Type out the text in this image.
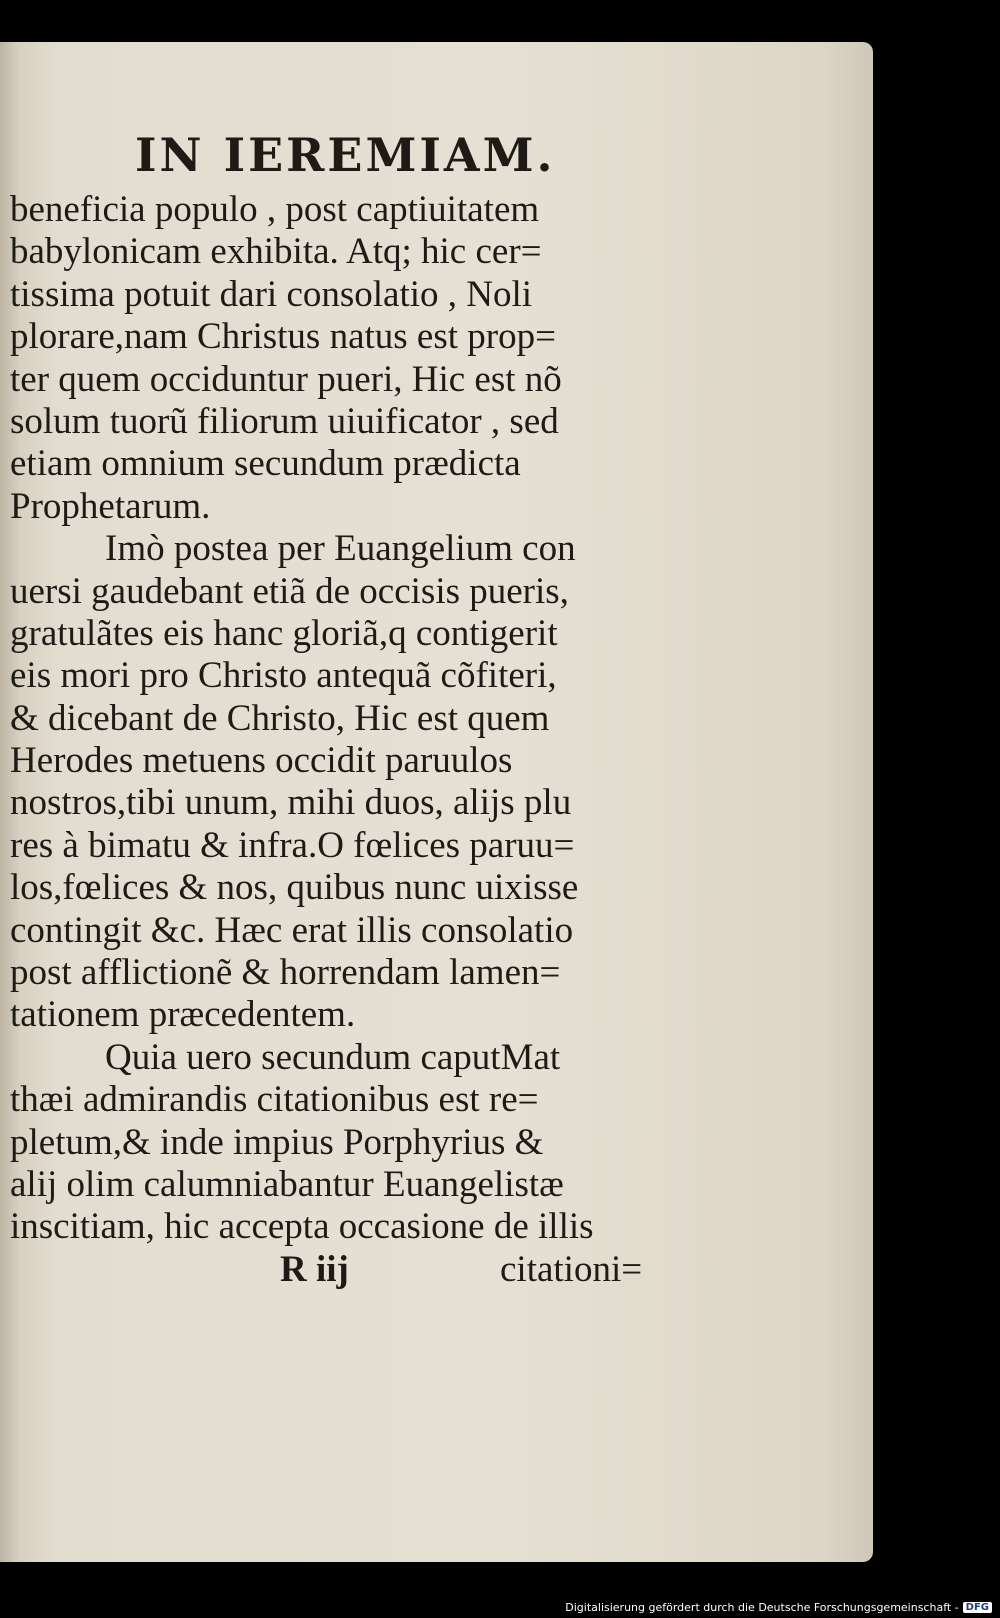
IN IEREMIAM.
beneficia populo , post captiuitatem
babylonicam exhibita. Atq; hic cer=
tissima potuit dari consolatio , Noli
plorare,nam Christus natus est prop=
ter quem occiduntur pueri, Hic est nõ
solum tuorũ filiorum uiuificator , sed
etiam omnium secundum prædicta
Prophetarum.
Imò postea per Euangelium con
uersi gaudebant etiã de occisis pueris,
gratulãtes eis hanc gloriã,q contigerit
eis mori pro Christo antequã cõfiteri,
& dicebant de Christo, Hic est quem
Herodes metuens occidit paruulos
nostros,tibi unum, mihi duos, alijs plu
res à bimatu & infra.O fœlices paruu=
los,fœlices & nos, quibus nunc uixisse
contingit &c. Hæc erat illis consolatio
post afflictionẽ & horrendam lamen=
tationem præcedentem.
Quia uero secundum caputMat
thæi admirandis citationibus est re=
pletum,& inde impius Porphyrius &
alij olim calumniabantur Euangelistæ
inscitiam, hic accepta occasione de illis
R iij	citationi=
Digitalisierung gefördert durch die Deutsche Forschungsgemeinschaft - DFG
